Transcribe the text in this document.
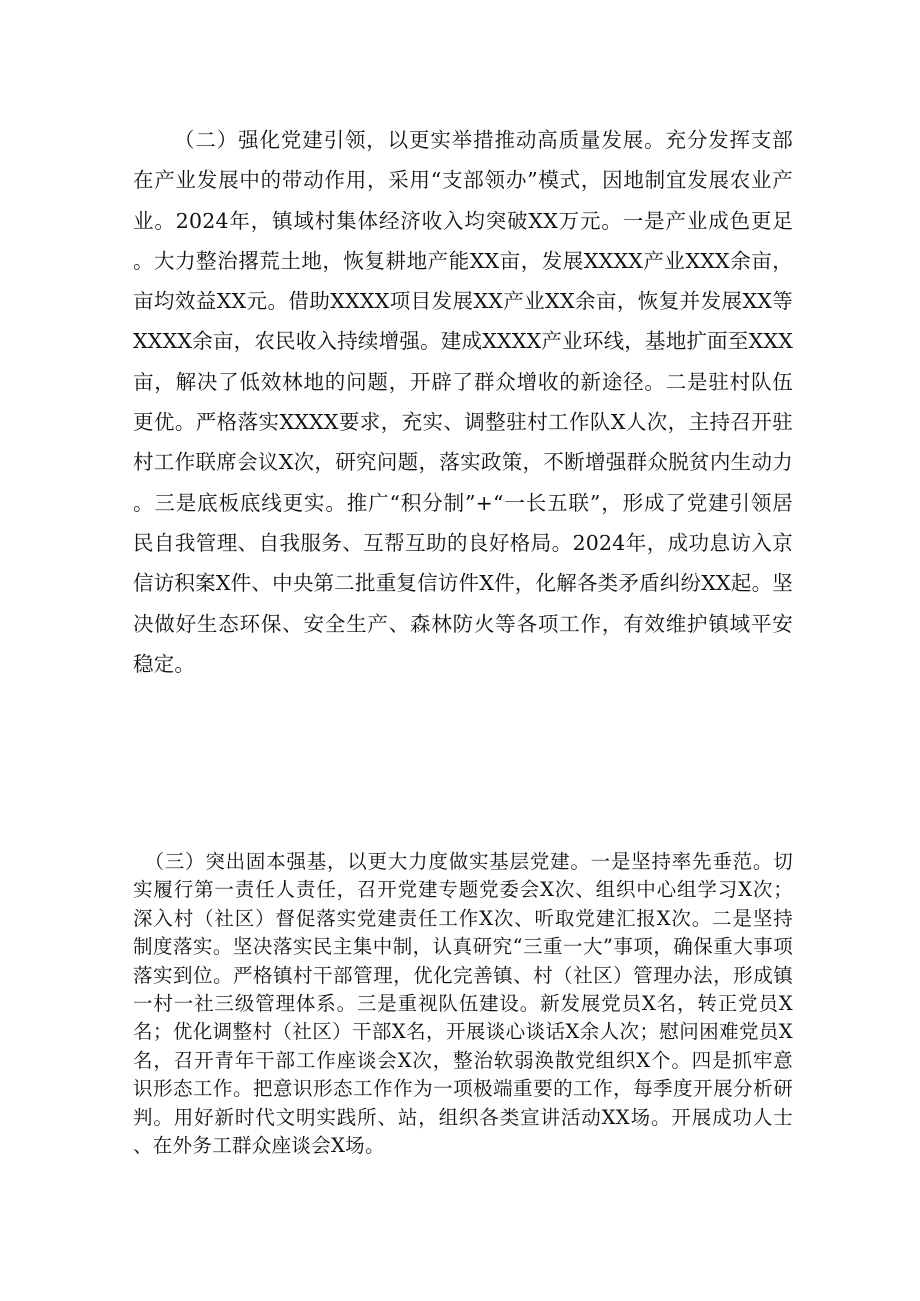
（二）强化党建引领，以更实举措推动高质量发展。充分发挥支部在产业发展中的带动作用，采用“支部领办”模式，因地制宜发展农业产业。2024年，镇域村集体经济收入均突破XX万元。一是产业成色更足。大力整治撂荒土地，恢复耕地产能XX亩，发展XXXX产业XXX余亩，亩均效益XX元。借助XXXX项目发展XX产业XX余亩，恢复并发展XX等XXXX余亩，农民收入持续增强。建成XXXX产业环线，基地扩面至XXX亩，解决了低效林地的问题，开辟了群众增收的新途径。二是驻村队伍更优。严格落实XXXX要求，充实、调整驻村工作队X人次，主持召开驻村工作联席会议X次，研究问题，落实政策，不断增强群众脱贫内生动力。三是底板底线更实。推广“积分制”+“一长五联”，形成了党建引领居民自我管理、自我服务、互帮互助的良好格局。2024年，成功息访入京信访积案X件、中央第二批重复信访件X件，化解各类矛盾纠纷XX起。坚决做好生态环保、安全生产、森林防火等各项工作，有效维护镇域平安稳定。

（三）突出固本强基，以更大力度做实基层党建。一是坚持率先垂范。切实履行第一责任人责任，召开党建专题党委会X次、组织中心组学习X次；深入村（社区）督促落实党建责任工作X次、听取党建汇报X次。二是坚持制度落实。坚决落实民主集中制，认真研究“三重一大”事项，确保重大事项落实到位。严格镇村干部管理，优化完善镇、村（社区）管理办法，形成镇一村一社三级管理体系。三是重视队伍建设。新发展党员X名，转正党员X名；优化调整村（社区）干部X名，开展谈心谈话X余人次；慰问困难党员X名，召开青年干部工作座谈会X次，整治软弱涣散党组织X个。四是抓牢意识形态工作。把意识形态工作作为一项极端重要的工作，每季度开展分析研判。用好新时代文明实践所、站，组织各类宣讲活动XX场。开展成功人士、在外务工群众座谈会X场。
